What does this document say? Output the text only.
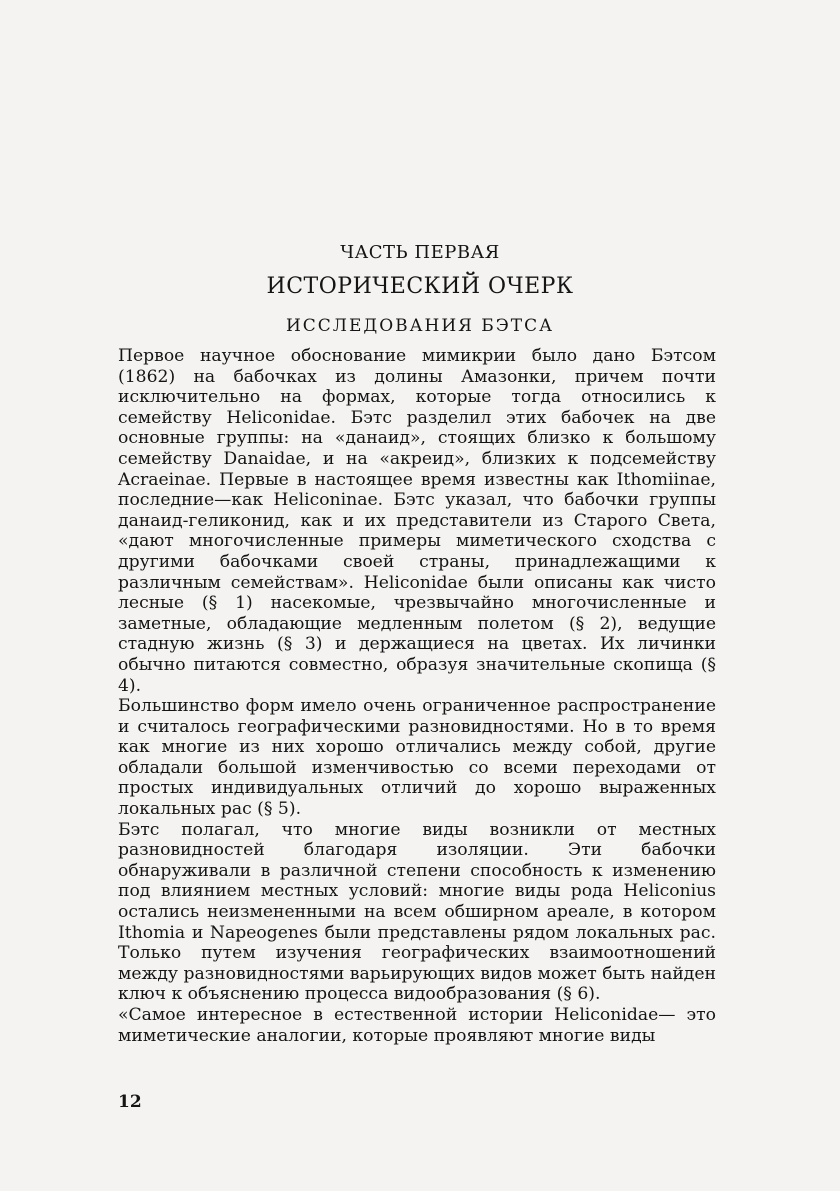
ЧАСТЬ ПЕРВАЯ
ИСТОРИЧЕСКИЙ ОЧЕРК
ИССЛЕДОВАНИЯ БЭТСА

Первое научное обоснование мимикрии было дано Бэтсом (1862) на бабочках из долины Амазонки, причем почти исключительно на формах, которые тогда относились к семейству Heliconidae. Бэтс разделил этих бабочек на две основные группы: на «данаид», стоящих близко к большому семейству Danaidae, и на «акреид», близких к подсемейству Acraeinae. Первые в настоящее время известны как Ithomiinae, последние—как Heliconinae. Бэтс указал, что бабочки группы данаид-геликонид, как и их представители из Старого Света, «дают многочисленные примеры миметического сходства с другими бабочками своей страны, принадлежащими к различным семействам». Heliconidae были описаны как чисто лесные (§ 1) насекомые, чрезвычайно многочисленные и заметные, обладающие медленным полетом (§ 2), ведущие стадную жизнь (§ 3) и держащиеся на цветах. Их личинки обычно питаются совместно, образуя значительные скопища (§ 4).

Большинство форм имело очень ограниченное распространение и считалось географическими разновидностями. Но в то время как многие из них хорошо отличались между собой, другие обладали большой изменчивостью со всеми переходами от простых индивидуальных отличий до хорошо выраженных локальных рас (§ 5).

Бэтс полагал, что многие виды возникли от местных разновидностей благодаря изоляции. Эти бабочки обнаруживали в различной степени способность к изменению под влиянием местных условий: многие виды рода Heliconius остались неизмененными на всем обширном ареале, в котором Ithomia и Napeogenes были представлены рядом локальных рас. Только путем изучения географических взаимоотношений между разновидностями варьирующих видов может быть найден ключ к объяснению процесса видообразования (§ 6).

«Самое интересное в естественной истории Heliconidae— это миметические аналогии, которые проявляют многие виды

12
